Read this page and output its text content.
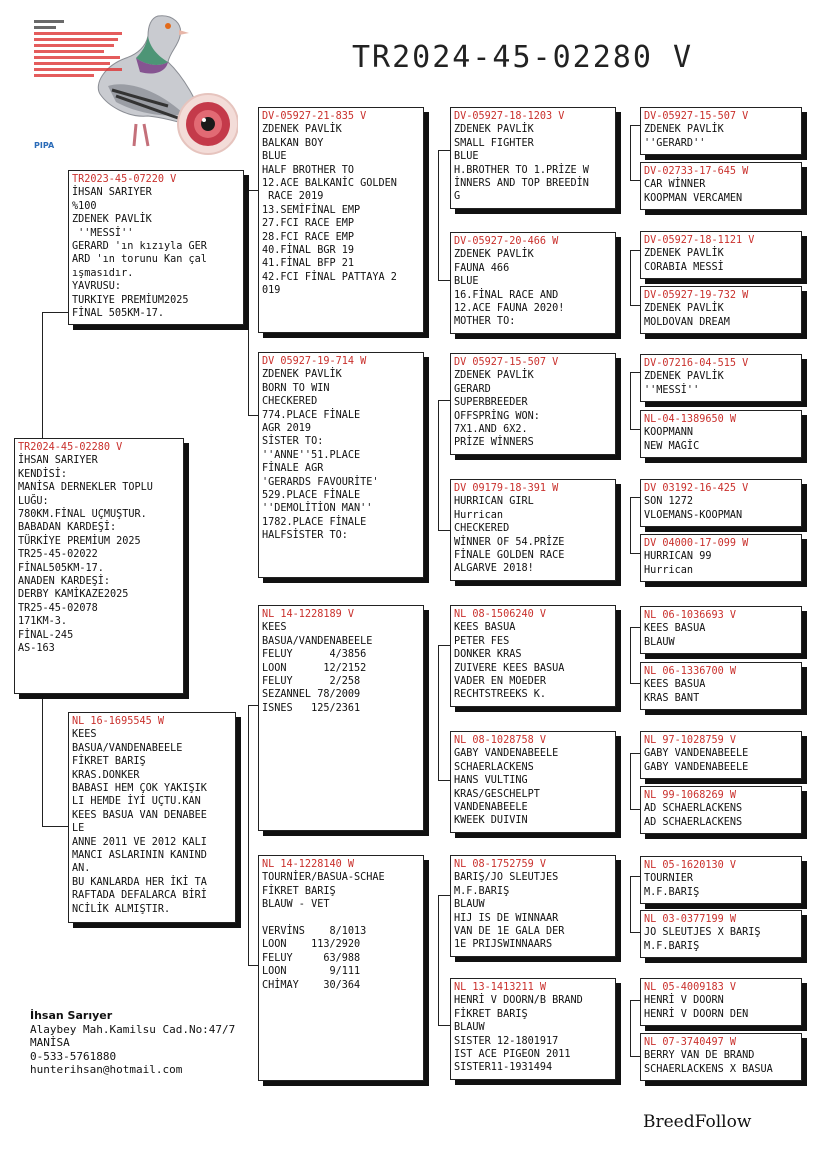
PIPA
TR2024-45-02280 V
TR2024-45-02280 V
İHSAN SARIYER
KENDİSİ:
MANİSA DERNEKLER TOPLU
LUĞU:
780KM.FİNAL UÇMUŞTUR.
BABADAN KARDEŞİ:
TÜRKİYE PREMİUM 2025
TR25-45-02022
FİNAL505KM-17.
ANADEN KARDEŞİ:
DERBY KAMİKAZE2025
TR25-45-02078
171KM-3.
FİNAL-245
AS-163
TR2023-45-07220 V
İHSAN SARIYER
%100
ZDENEK PAVLİK
''MESSİ''
GERARD 'ın kızıyla GER
ARD 'ın torunu Kan çal
ışmasıdır.
YAVRUSU:
TURKIYE PREMİUM2025
FİNAL 505KM-17.
NL 16-1695545 W
KEES
BASUA/VANDENABEELE
FİKRET BARIŞ
KRAS.DONKER
BABASI HEM ÇOK YAKIŞIK
LI HEMDE İYİ UÇTU.KAN
KEES BASUA VAN DENABEE
LE
ANNE 2011 VE 2012 KALI
MANCI ASLARININ KANIND
AN.
BU KANLARDA HER İKİ TA
RAFTADA DEFALARCA BİRİ
NCİLİK ALMIŞTIR.
DV-05927-21-835 V
ZDENEK PAVLİK
BALKAN BOY
BLUE
HALF BROTHER TO
12.ACE BALKANİC GOLDEN
RACE 2019
13.SEMİFİNAL EMP
27.FCI RACE EMP
28.FCI RACE EMP
40.FİNAL BGR 19
41.FİNAL BFP 21
42.FCI FİNAL PATTAYA 2
019
DV 05927-19-714 W
ZDENEK PAVLİK
BORN TO WIN
CHECKERED
774.PLACE FİNALE
AGR 2019
SİSTER TO:
''ANNE''51.PLACE
FİNALE AGR
'GERARDS FAVOURİTE'
529.PLACE FİNALE
''DEMOLİTİON MAN''
1782.PLACE FİNALE
HALFSİSTER TO:
NL 14-1228189 V
KEES
BASUA/VANDENABEELE
FELUY      4/3856
LOON      12/2152
FELUY      2/258
SEZANNEL 78/2009
ISNES   125/2361
NL 14-1228140 W
TOURNİER/BASUA-SCHAE
FİKRET BARIŞ
BLAUW - VET

VERVİNS    8/1013
LOON    113/2920
FELUY     63/988
LOON       9/111
CHİMAY    30/364
DV-05927-18-1203 V
ZDENEK PAVLİK
SMALL FIGHTER
BLUE
H.BROTHER TO 1.PRİZE W
İNNERS AND TOP BREEDİN
G
DV-05927-20-466 W
ZDENEK PAVLİK
FAUNA 466
BLUE
16.FİNAL RACE AND
12.ACE FAUNA 2020!
MOTHER TO:
DV 05927-15-507 V
ZDENEK PAVLİK
GERARD
SUPERBREEDER
OFFSPRİNG WON:
7X1.AND 6X2.
PRİZE WİNNERS
DV 09179-18-391 W
HURRICAN GIRL
Hurrican
CHECKERED
WİNNER OF 54.PRİZE
FİNALE GOLDEN RACE
ALGARVE 2018!
NL 08-1506240 V
KEES BASUA
PETER FES
DONKER KRAS
ZUIVERE KEES BASUA
VADER EN MOEDER
RECHTSTREEKS K.
NL 08-1028758 V
GABY VANDENABEELE
SCHAERLACKENS
HANS VULTING
KRAS/GESCHELPT
VANDENABEELE
KWEEK DUIVIN
NL 08-1752759 V
BARIŞ/JO SLEUTJES
M.F.BARIŞ
BLAUW
HIJ IS DE WINNAAR
VAN DE 1E GALA DER
1E PRIJSWINNAARS
NL 13-1413211 W
HENRİ V DOORN/B BRAND
FİKRET BARIŞ
BLAUW
SISTER 12-1801917
IST ACE PIGEON 2011
SISTER11-1931494
DV-05927-15-507 V
ZDENEK PAVLİK
''GERARD''
DV-02733-17-645 W
CAR WİNNER
KOOPMAN VERCAMEN
DV-05927-18-1121 V
ZDENEK PAVLİK
CORABIA MESSİ
DV-05927-19-732 W
ZDENEK PAVLİK
MOLDOVAN DREAM
DV-07216-04-515 V
ZDENEK PAVLİK
''MESSİ''
NL-04-1389650 W
KOOPMANN
NEW MAGİC
DV 03192-16-425 V
SON 1272
VLOEMANS-KOOPMAN
DV 04000-17-099 W
HURRICAN 99
Hurrican
NL 06-1036693 V
KEES BASUA
BLAUW
NL 06-1336700 W
KEES BASUA
KRAS BANT
NL 97-1028759 V
GABY VANDENABEELE
GABY VANDENABEELE
NL 99-1068269 W
AD SCHAERLACKENS
AD SCHAERLACKENS
NL 05-1620130 V
TOURNIER
M.F.BARIŞ
NL 03-0377199 W
JO SLEUTJES X BARIŞ
M.F.BARIŞ
NL 05-4009183 V
HENRİ V DOORN
HENRİ V DOORN DEN
NL 07-3740497 W
BERRY VAN DE BRAND
SCHAERLACKENS X BASUA
İhsan Sarıyer
Alaybey Mah.Kamilsu Cad.No:47/7
MANİSA
0-533-5761880
hunterihsan@hotmail.com
BreedFollow
